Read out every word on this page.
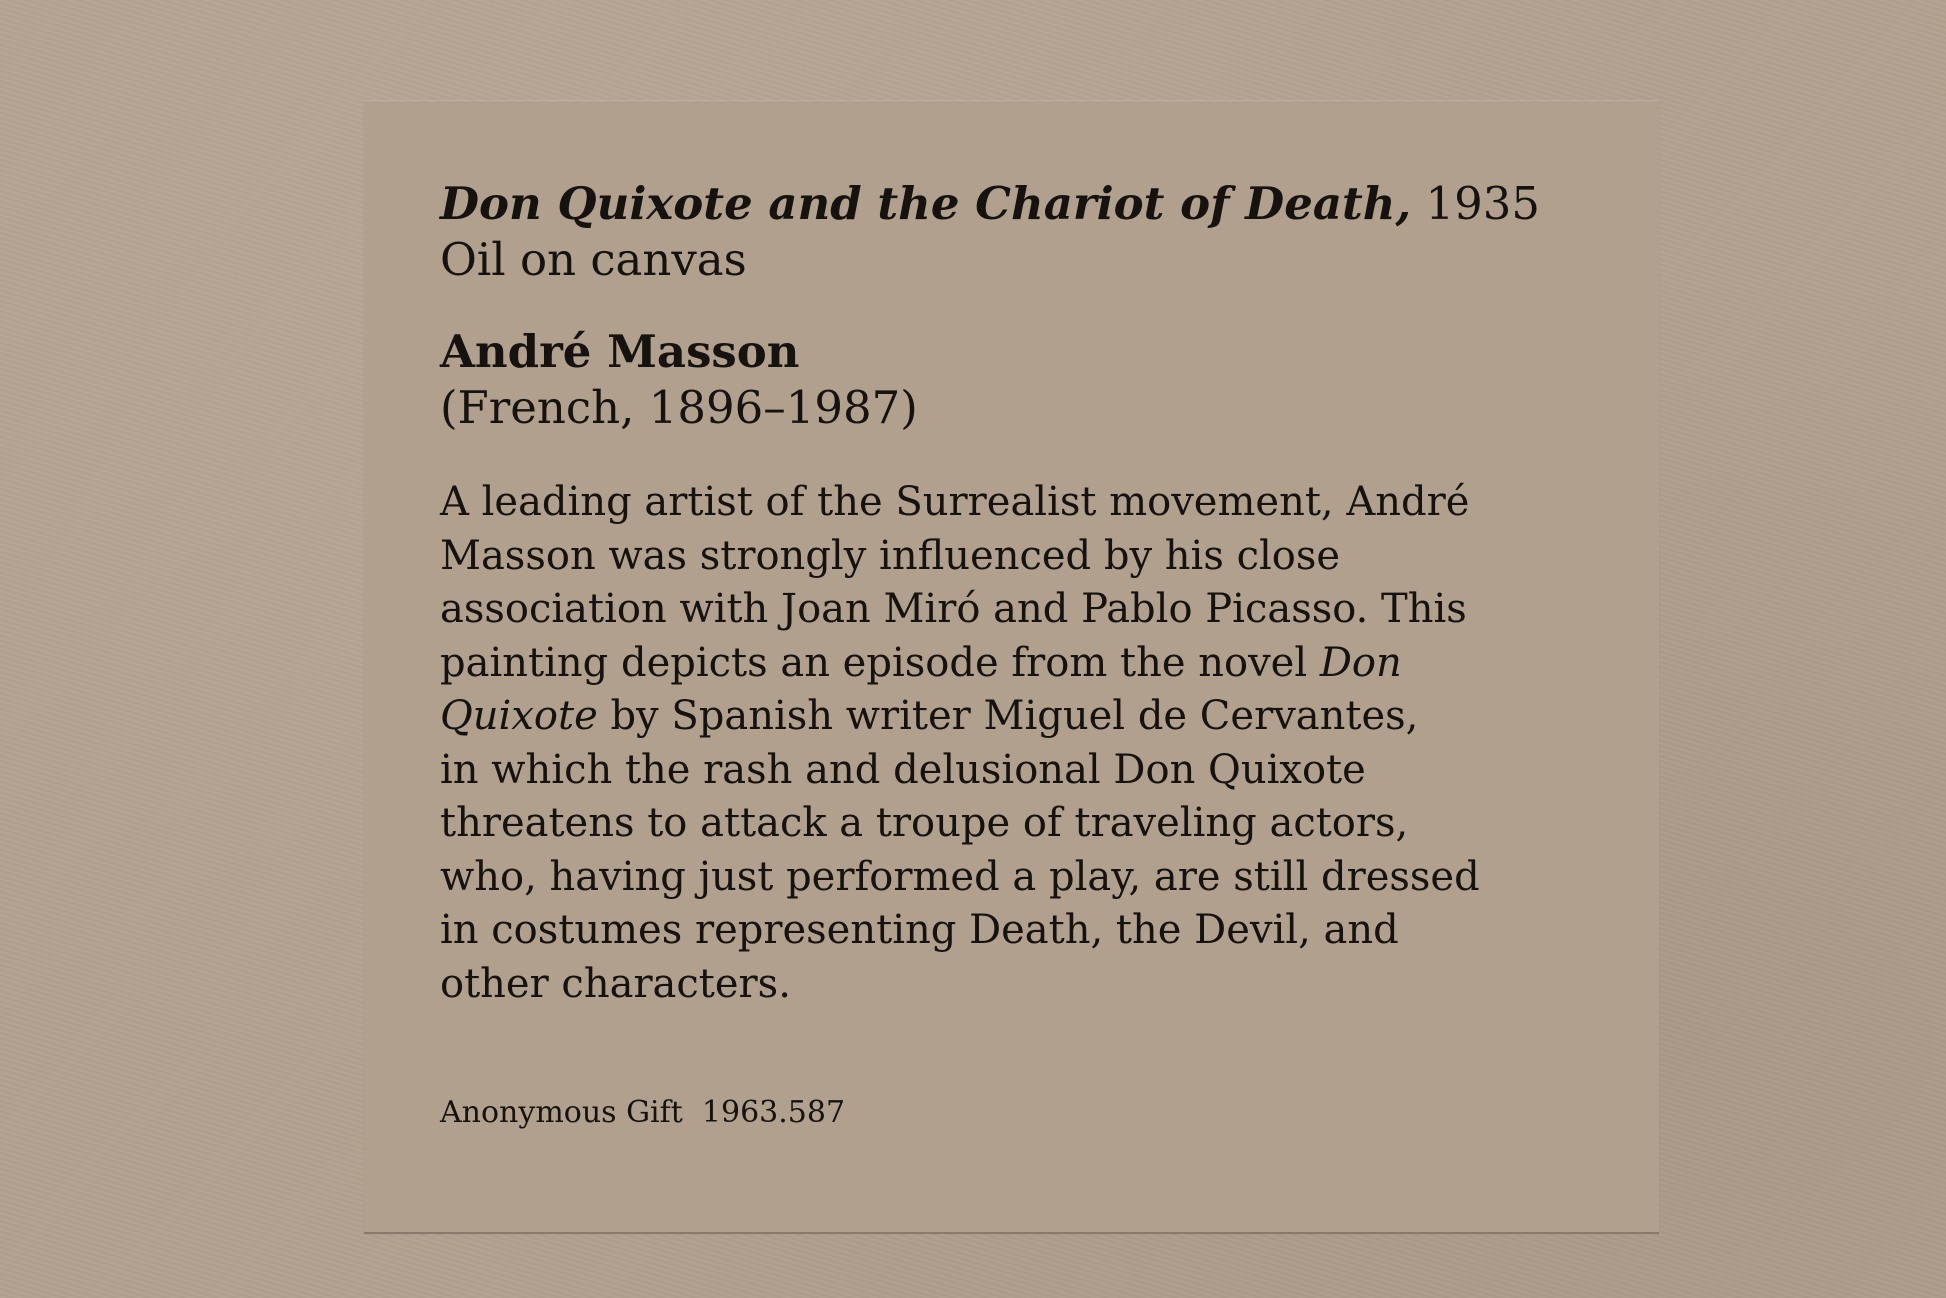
Don Quixote and the Chariot of Death, 1935

Oil on canvas

André Masson

(French, 1896–1987)

A leading artist of the Surrealist movement, André
Masson was strongly influenced by his close
association with Joan Miró and Pablo Picasso. This
painting depicts an episode from the novel Don
Quixote by Spanish writer Miguel de Cervantes,
in which the rash and delusional Don Quixote
threatens to attack a troupe of traveling actors,
who, having just performed a play, are still dressed
in costumes representing Death, the Devil, and
other characters.

Anonymous Gift 1963.587
